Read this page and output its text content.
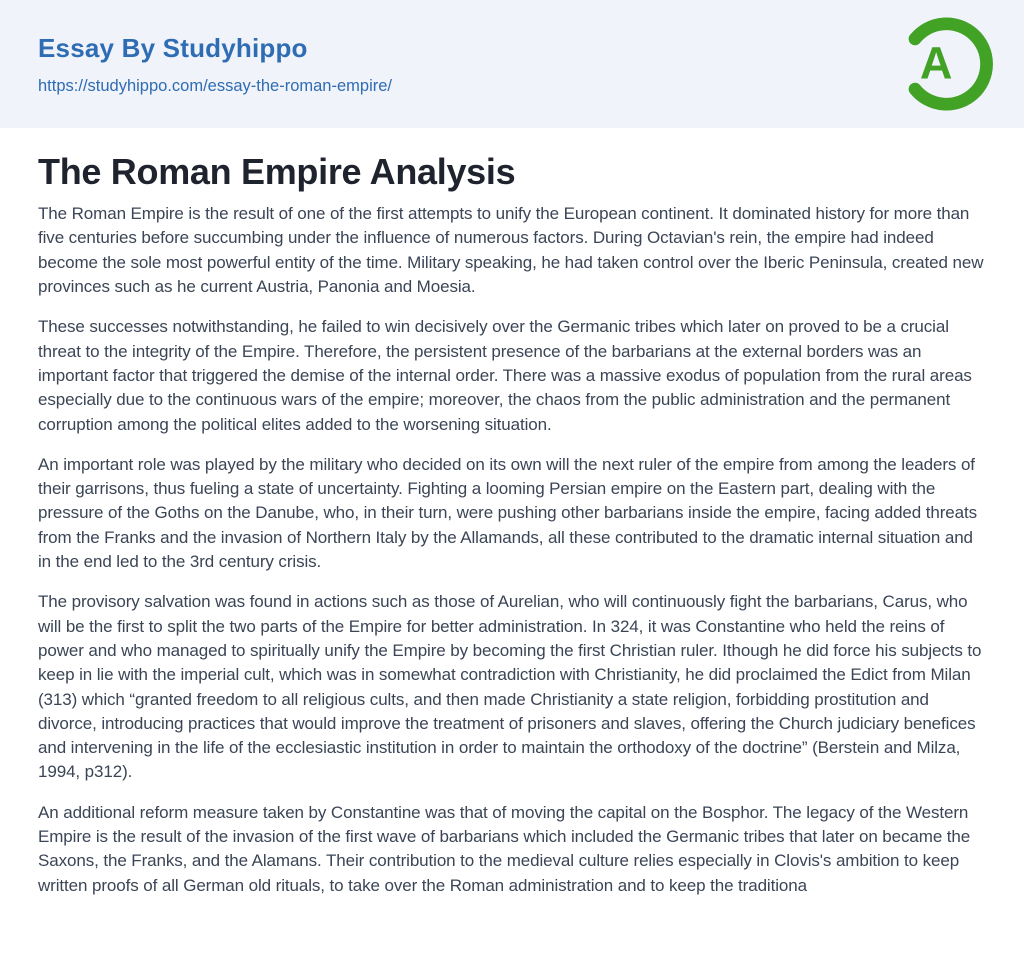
Essay By Studyhippo
https://studyhippo.com/essay-the-roman-empire/	A
The Roman Empire Analysis

The Roman Empire is the result of one of the first attempts to unify the European continent. It dominated history for more than five centuries before succumbing under the influence of numerous factors. During Octavian's rein, the empire had indeed become the sole most powerful entity of the time. Military speaking, he had taken control over the Iberic Peninsula, created new provinces such as he current Austria, Panonia and Moesia.

These successes notwithstanding, he failed to win decisively over the Germanic tribes which later on proved to be a crucial threat to the integrity of the Empire. Therefore, the persistent presence of the barbarians at the external borders was an important factor that triggered the demise of the internal order. There was a massive exodus of population from the rural areas especially due to the continuous wars of the empire; moreover, the chaos from the public administration and the permanent corruption among the political elites added to the worsening situation.

An important role was played by the military who decided on its own will the next ruler of the empire from among the leaders of their garrisons, thus fueling a state of uncertainty. Fighting a looming Persian empire on the Eastern part, dealing with the pressure of the Goths on the Danube, who, in their turn, were pushing other barbarians inside the empire, facing added threats from the Franks and the invasion of Northern Italy by the Allamands, all these contributed to the dramatic internal situation and in the end led to the 3rd century crisis.

The provisory salvation was found in actions such as those of Aurelian, who will continuously fight the barbarians, Carus, who will be the first to split the two parts of the Empire for better administration. In 324, it was Constantine who held the reins of power and who managed to spiritually unify the Empire by becoming the first Christian ruler. Ithough he did force his subjects to keep in lie with the imperial cult, which was in somewhat contradiction with Christianity, he did proclaimed the Edict from Milan (313) which “granted freedom to all religious cults, and then made Christianity a state religion, forbidding prostitution and divorce, introducing practices that would improve the treatment of prisoners and slaves, offering the Church judiciary benefices and intervening in the life of the ecclesiastic institution in order to maintain the orthodoxy of the doctrine” (Berstein and Milza, 1994, p312).

An additional reform measure taken by Constantine was that of moving the capital on the Bosphor. The legacy of the Western Empire is the result of the invasion of the first wave of barbarians which included the Germanic tribes that later on became the Saxons, the Franks, and the Alamans. Their contribution to the medieval culture relies especially in Clovis's ambition to keep written proofs of all German old rituals, to take over the Roman administration and to keep the traditiona
